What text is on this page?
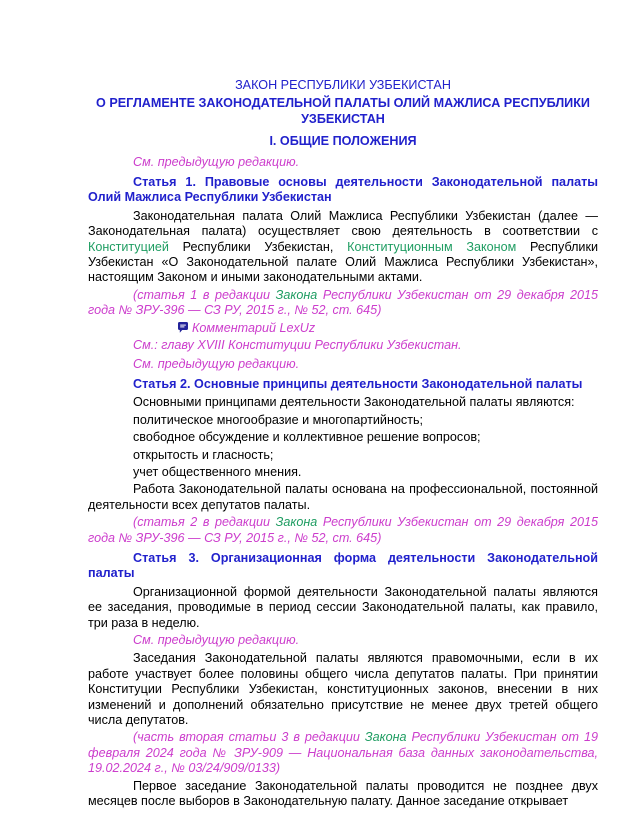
ЗАКОН РЕСПУБЛИКИ УЗБЕКИСТАН

О РЕГЛАМЕНТЕ ЗАКОНОДАТЕЛЬНОЙ ПАЛАТЫ ОЛИЙ МАЖЛИСА РЕСПУБЛИКИ УЗБЕКИСТАН

I. ОБЩИЕ ПОЛОЖЕНИЯ

См. предыдущую редакцию.

Статья 1. Правовые основы деятельности Законодательной палаты Олий Мажлиса Республики Узбекистан

Законодательная палата Олий Мажлиса Республики Узбекистан (далее — Законодательная палата) осуществляет свою деятельность в соответствии с Конституцией Республики Узбекистан, Конституционным Законом Республики Узбекистан «О Законодательной палате Олий Мажлиса Республики Узбекистан», настоящим Законом и иными законодательными актами.

(статья 1 в редакции Закона Республики Узбекистан от 29 декабря 2015 года № ЗРУ-396 — СЗ РУ, 2015 г., № 52, ст. 645)

Комментарий LexUz

См.: главу XVIII Конституции Республики Узбекистан.

См. предыдущую редакцию.

Статья 2. Основные принципы деятельности Законодательной палаты

Основными принципами деятельности Законодательной палаты являются:

политическое многообразие и многопартийность;

свободное обсуждение и коллективное решение вопросов;

открытость и гласность;

учет общественного мнения.

Работа Законодательной палаты основана на профессиональной, постоянной деятельности всех депутатов палаты.

(статья 2 в редакции Закона Республики Узбекистан от 29 декабря 2015 года № ЗРУ-396 — СЗ РУ, 2015 г., № 52, ст. 645)

Статья 3. Организационная форма деятельности Законодательной палаты

Организационной формой деятельности Законодательной палаты являются ее заседания, проводимые в период сессии Законодательной палаты, как правило, три раза в неделю.

См. предыдущую редакцию.

Заседания Законодательной палаты являются правомочными, если в их работе участвует более половины общего числа депутатов палаты. При принятии Конституции Республики Узбекистан, конституционных законов, внесении в них изменений и дополнений обязательно присутствие не менее двух третей общего числа депутатов.

(часть вторая статьи 3 в редакции Закона Республики Узбекистан от 19 февраля 2024 года № ЗРУ-909 — Национальная база данных законодательства, 19.02.2024 г., № 03/24/909/0133)

Первое заседание Законодательной палаты проводится не позднее двух месяцев после выборов в Законодательную палату. Данное заседание открывает
